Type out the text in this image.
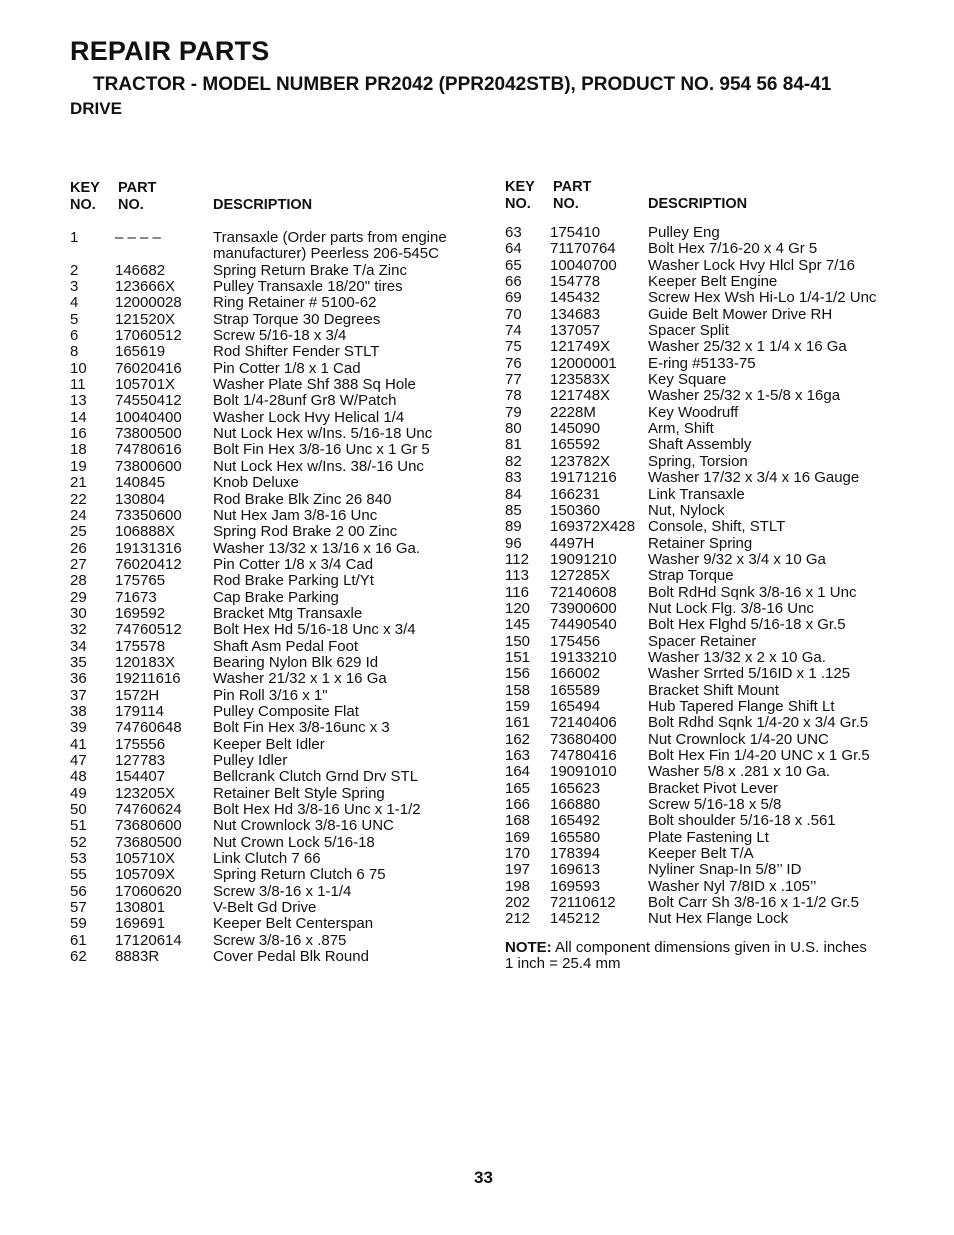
REPAIR PARTS
TRACTOR - MODEL NUMBER PR2042 (PPR2042STB), PRODUCT NO. 954 56 84-41
DRIVE
KEY
NO.
PART
NO.	DESCRIPTION
1 – – – –	Transaxle (Order parts from engine manufacturer) Peerless 206-545C
2 146682	Spring Return Brake T/a Zinc
3 123666X	Pulley Transaxle 18/20" tires
4 12000028 Ring Retainer # 5100-62
5 121520X	Strap Torque 30 Degrees
6 17060512 Screw 5/16-18 x 3/4
8 165619	Rod Shifter Fender STLT
10 76020416 Pin Cotter 1/8 x 1 Cad
11 105701X	Washer Plate Shf 388 Sq Hole
13 74550412 Bolt 1/4-28unf Gr8 W/Patch
14 10040400 Washer Lock Hvy Helical 1/4
16 73800500 Nut Lock Hex w/Ins. 5/16-18 Unc
18 74780616 Bolt Fin Hex 3/8-16 Unc x 1 Gr 5
19 73800600 Nut Lock Hex w/Ins. 38/-16 Unc
21 140845	Knob Deluxe
22 130804	Rod Brake Blk Zinc 26 840
24 73350600 Nut Hex Jam 3/8-16 Unc
25 106888X	Spring Rod Brake 2 00 Zinc
26 19131316 Washer 13/32 x 13/16 x 16 Ga.
27 76020412 Pin Cotter 1/8 x 3/4 Cad
28 175765	Rod Brake Parking Lt/Yt
29 71673	Cap Brake Parking
30 169592	Bracket Mtg Transaxle
32 74760512 Bolt Hex Hd 5/16-18 Unc x 3/4
34 175578	Shaft Asm Pedal Foot
35 120183X	Bearing Nylon Blk 629 Id
36 19211616 Washer 21/32 x 1 x 16 Ga
37 1572H	Pin Roll 3/16 x 1"
38 179114	Pulley Composite Flat
39 74760648 Bolt Fin Hex 3/8-16unc x 3
41 175556	Keeper Belt Idler
47 127783	Pulley Idler
48 154407	Bellcrank Clutch Grnd Drv STL
49 123205X	Retainer Belt Style Spring
50 74760624 Bolt Hex Hd 3/8-16 Unc x 1-1/2
51 73680600 Nut Crownlock 3/8-16 UNC
52 73680500 Nut Crown Lock 5/16-18
53 105710X	Link Clutch 7 66
55 105709X	Spring Return Clutch 6 75
56 17060620 Screw 3/8-16 x 1-1/4
57 130801	V-Belt Gd Drive
59 169691	Keeper Belt Centerspan
61 17120614 Screw 3/8-16 x .875
62 8883R	Cover Pedal Blk Round
KEY
NO.
PART
NO.	DESCRIPTION
63 175410	Pulley Eng
64 71170764 Bolt Hex 7/16-20 x 4 Gr 5
65 10040700 Washer Lock Hvy Hlcl Spr 7/16
66 154778	Keeper Belt Engine
69 145432	Screw Hex Wsh Hi-Lo 1/4-1/2 Unc
70 134683	Guide Belt Mower Drive RH
74 137057	Spacer Split
75 121749X	Washer 25/32 x 1 1/4 x 16 Ga
76 12000001 E-ring #5133-75
77 123583X	Key Square
78 121748X	Washer 25/32 x 1-5/8 x 16ga
79 2228M	Key Woodruff
80 145090	Arm, Shift
81 165592	Shaft Assembly
82 123782X	Spring, Torsion
83 19171216 Washer 17/32 x 3/4 x 16 Gauge
84 166231	Link Transaxle
85 150360	Nut, Nylock
89 169372X428 Console, Shift, STLT
96 4497H	Retainer Spring
112 19091210 Washer 9/32 x 3/4 x 10 Ga
113 127285X	Strap Torque
116 72140608 Bolt RdHd Sqnk 3/8-16 x 1 Unc
120 73900600 Nut Lock Flg. 3/8-16 Unc
145 74490540 Bolt Hex Flghd 5/16-18 x Gr.5
150 175456	Spacer Retainer
151 19133210 Washer 13/32 x 2 x 10 Ga.
156 166002	Washer Srrted 5/16ID x 1 .125
158 165589	Bracket Shift Mount
159 165494	Hub Tapered Flange Shift Lt
161 72140406 Bolt Rdhd Sqnk 1/4-20 x 3/4 Gr.5
162 73680400 Nut Crownlock 1/4-20 UNC
163 74780416 Bolt Hex Fin 1/4-20 UNC x 1 Gr.5
164 19091010 Washer 5/8 x .281 x 10 Ga.
165 165623	Bracket Pivot Lever
166 166880	Screw 5/16-18 x 5/8
168 165492	Bolt shoulder 5/16-18 x .561
169 165580	Plate Fastening Lt
170 178394	Keeper Belt T/A
197 169613	Nyliner Snap-In 5/8’’ ID
198 169593	Washer Nyl 7/8ID x .105’’
202 72110612 Bolt Carr Sh 3/8-16 x 1-1/2 Gr.5
212 145212	Nut Hex Flange Lock
NOTE: All component dimensions given in U.S. inches
1 inch = 25.4 mm
33
